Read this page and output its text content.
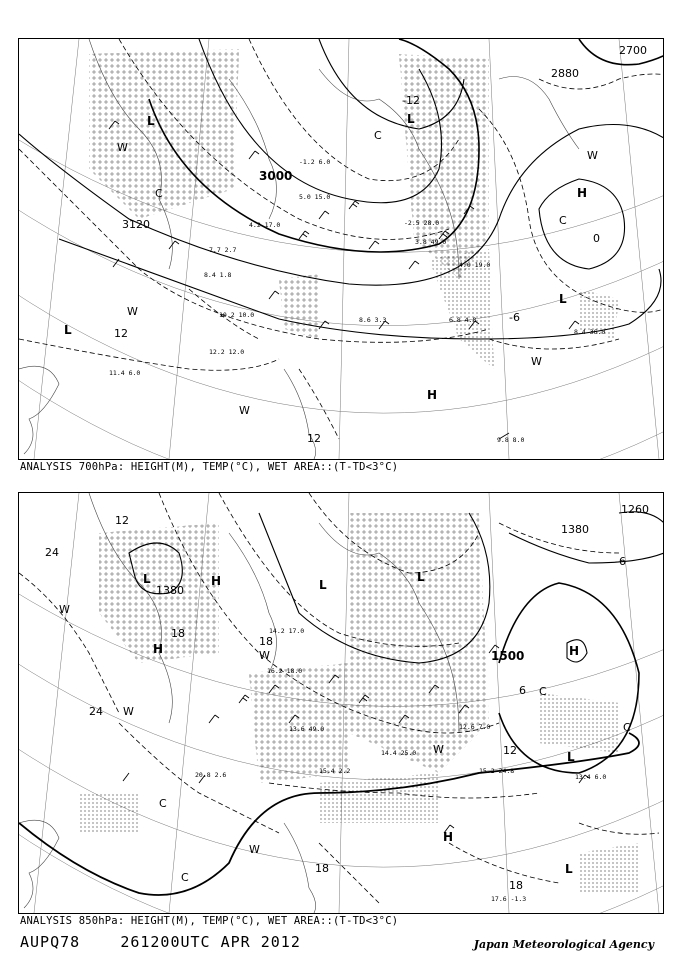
2700
2880
3000
3120
12
-12
12
0
-6
L	L
L
L
H
H
C
C
C
W
W
W
W
W
-2.5 28.0
3.8 49.0
4.0 19.0
8.4 36.0
9.8 8.0
11.4 6.0
12.2 12.0
8.6 3.3	6.8 4.8
-1.2 6.0
4.2 17.0
5.0 15.0
7.7 2.7
8.4 1.8
10.2 10.0
ANALYSIS 700hPa: HEIGHT(M), TEMP(°C), WET AREA::(T-TD<3°C)
1260
1380
1380
1500
12
24
24
18
18
18
18
12
6
-6
L	L
L
L
L
H
H	H
H
C
C
C
C
W
W
W
W
W
14.2 17.0
16.2 18.0
15.2 24.8
13.4 6.0
17.6 -1.3
20.8 2.6
12.6 7.0
14.4 25.0
15.4 2.2
13.6 49.0
ANALYSIS 850hPa: HEIGHT(M), TEMP(°C), WET AREA::(T-TD<3°C)
AUPQ78	261200UTC APR 2012	Japan Meteorological Agency
